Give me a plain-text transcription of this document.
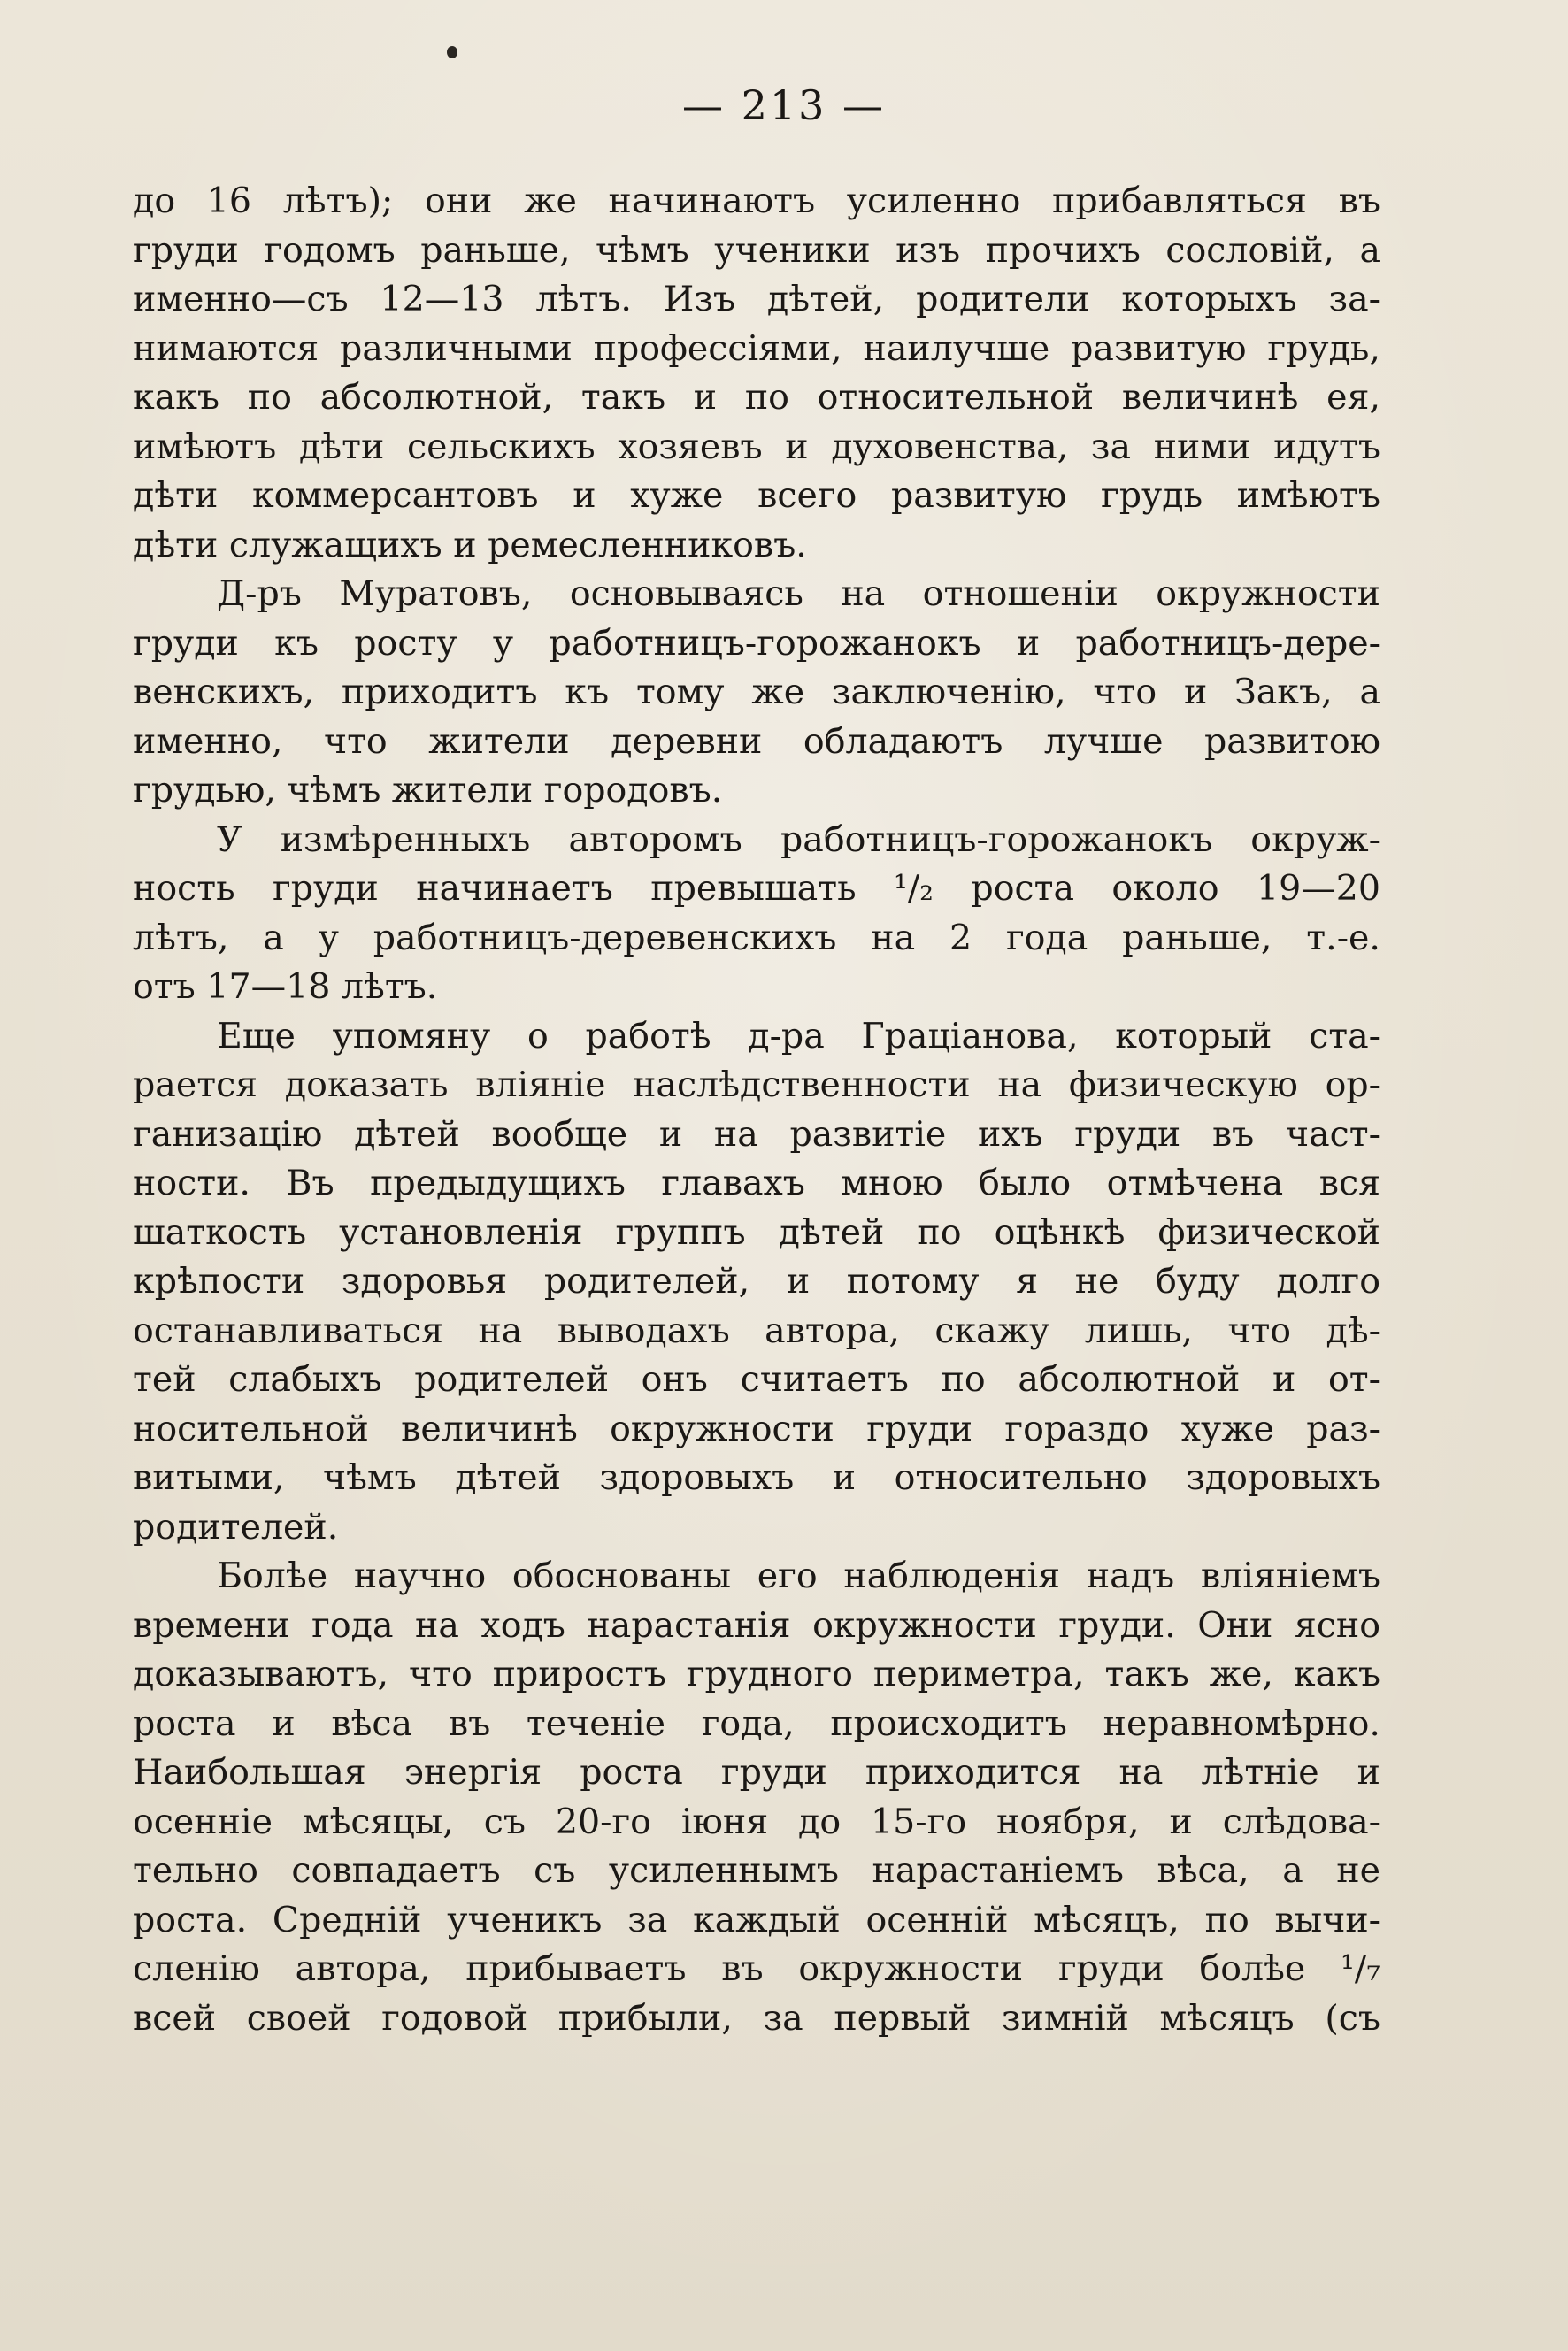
— 213 —
до 16 лѣтъ); они же начинаютъ усиленно прибавляться въ
груди годомъ раньше, чѣмъ ученики изъ прочихъ сословій, а
именно—съ 12—13 лѣтъ. Изъ дѣтей, родители которыхъ за-
нимаются различными профессіями, наилучше развитую грудь,
какъ по абсолютной, такъ и по относительной величинѣ ея,
имѣютъ дѣти сельскихъ хозяевъ и духовенства, за ними идутъ
дѣти коммерсантовъ и хуже всего развитую грудь имѣютъ
дѣти служащихъ и ремесленниковъ.
Д-ръ Муратовъ, основываясь на отношеніи окружности
груди къ росту у работницъ-горожанокъ и работницъ-дере-
венскихъ, приходитъ къ тому же заключенію, что и Закъ, а
именно, что жители деревни обладаютъ лучше развитою
грудью, чѣмъ жители городовъ.
У измѣренныхъ авторомъ работницъ-горожанокъ окруж-
ность груди начинаетъ превышать ¹/₂ роста около 19—20
лѣтъ, а у работницъ-деревенскихъ на 2 года раньше, т.-е.
отъ 17—18 лѣтъ.
Еще упомяну о работѣ д-ра Граціанова, который ста-
рается доказать вліяніе наслѣдственности на физическую ор-
ганизацію дѣтей вообще и на развитіе ихъ груди въ част-
ности. Въ предыдущихъ главахъ мною было отмѣчена вся
шаткость установленія группъ дѣтей по оцѣнкѣ физической
крѣпости здоровья родителей, и потому я не буду долго
останавливаться на выводахъ автора, скажу лишь, что дѣ-
тей слабыхъ родителей онъ считаетъ по абсолютной и от-
носительной величинѣ окружности груди гораздо хуже раз-
витыми, чѣмъ дѣтей здоровыхъ и относительно здоровыхъ
родителей.
Болѣе научно обоснованы его наблюденія надъ вліяніемъ
времени года на ходъ нарастанія окружности груди. Они ясно
доказываютъ, что приростъ грудного периметра, такъ же, какъ
роста и вѣса въ теченіе года, происходитъ неравномѣрно.
Наибольшая энергія роста груди приходится на лѣтніе и
осенніе мѣсяцы, съ 20-го іюня до 15-го ноября, и слѣдова-
тельно совпадаетъ съ усиленнымъ нарастаніемъ вѣса, а не
роста. Средній ученикъ за каждый осенній мѣсяцъ, по вычи-
сленію автора, прибываетъ въ окружности груди болѣе ¹/₇
всей своей годовой прибыли, за первый зимній мѣсяцъ (съ
